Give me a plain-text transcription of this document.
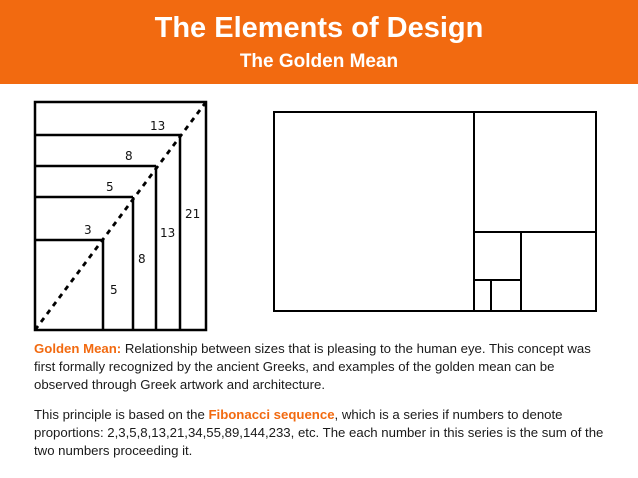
The Elements of Design
The Golden Mean
13
8
5
3
21
13
8
5
Golden Mean: Relationship between sizes that is pleasing to the human eye. This concept was first formally recognized by the ancient Greeks, and examples of the golden mean can be observed through Greek artwork and architecture.
This principle is based on the Fibonacci sequence, which is a series if numbers to denote proportions: 2,3,5,8,13,21,34,55,89,144,233, etc. The each number in this series is the sum of the two numbers proceeding it.
